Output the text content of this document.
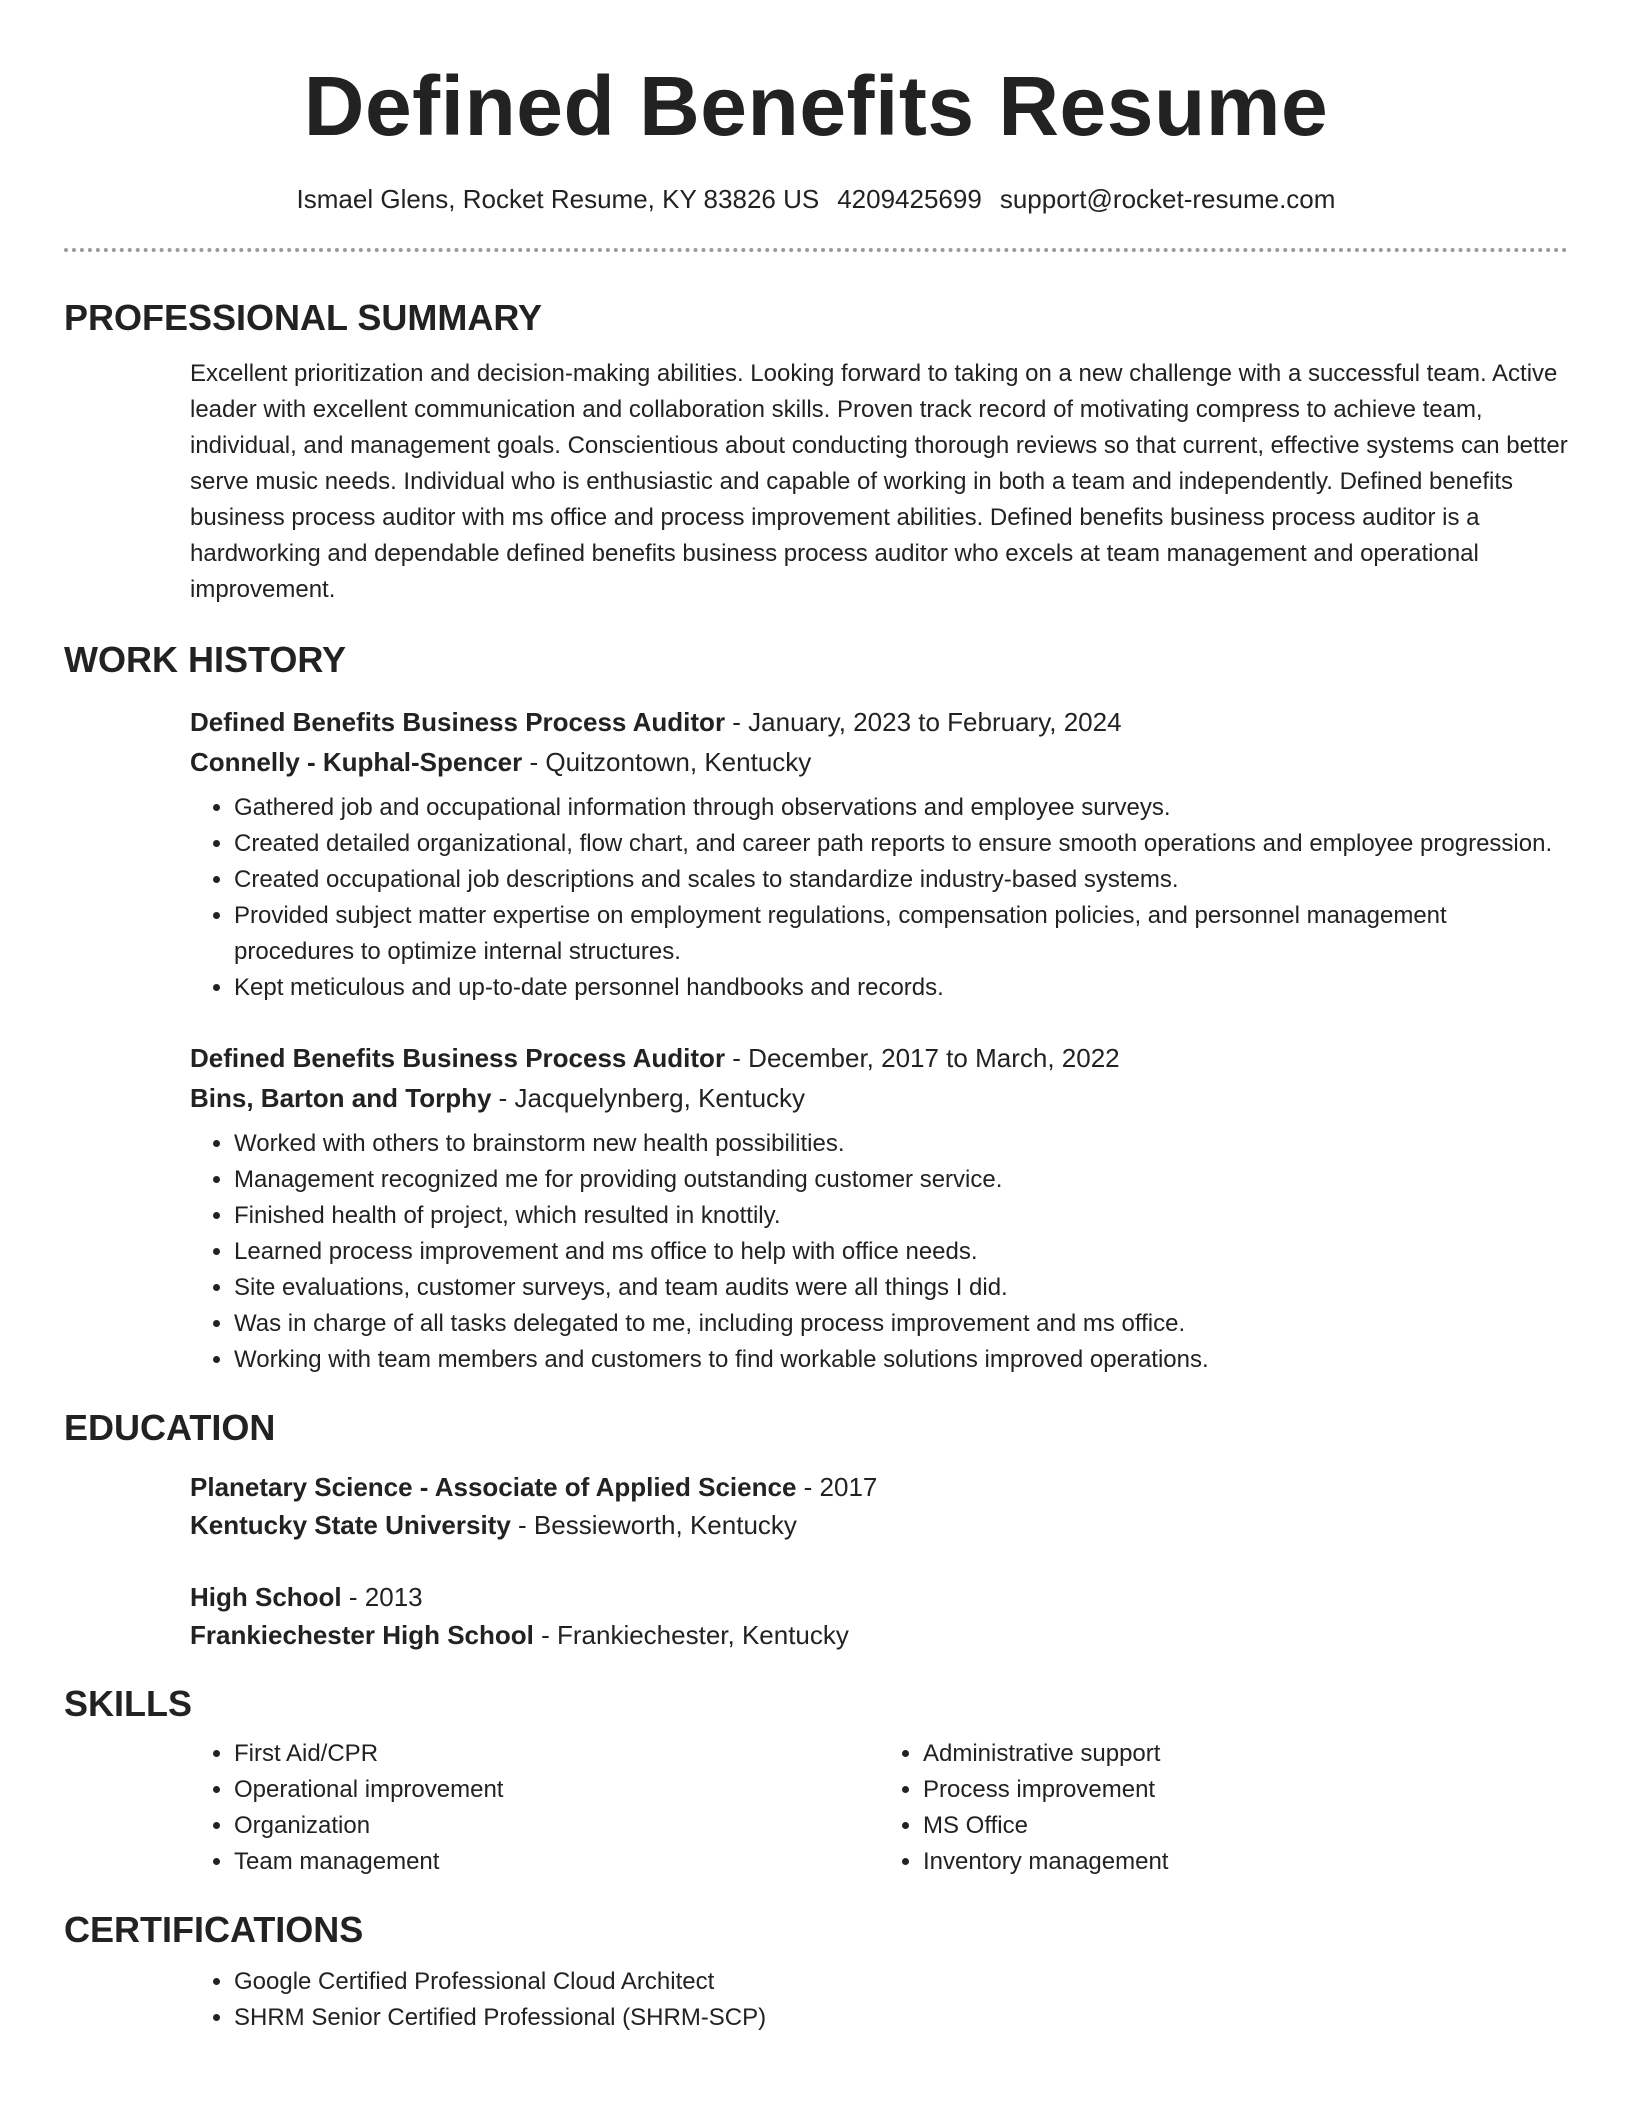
Defined Benefits Resume
Ismael Glens, Rocket Resume, KY 83826 US 4209425699 support@rocket-resume.com
PROFESSIONAL SUMMARY

Excellent prioritization and decision-making abilities. Looking forward to taking on a new challenge with a successful team. Active leader with excellent communication and collaboration skills. Proven track record of motivating compress to achieve team, individual, and management goals. Conscientious about conducting thorough reviews so that current, effective systems can better serve music needs. Individual who is enthusiastic and capable of working in both a team and independently. Defined benefits business process auditor with ms office and process improvement abilities. Defined benefits business process auditor is a hardworking and dependable defined benefits business process auditor who excels at team management and operational improvement.

WORK HISTORY

Defined Benefits Business Process Auditor - January, 2023 to February, 2024

Connelly - Kuphal-Spencer - Quitzontown, Kentucky

• Gathered job and occupational information through observations and employee surveys.
• Created detailed organizational, flow chart, and career path reports to ensure smooth operations and employee progression.
• Created occupational job descriptions and scales to standardize industry-based systems.
• Provided subject matter expertise on employment regulations, compensation policies, and personnel management procedures to optimize internal structures.
• Kept meticulous and up-to-date personnel handbooks and records.

Defined Benefits Business Process Auditor - December, 2017 to March, 2022

Bins, Barton and Torphy - Jacquelynberg, Kentucky

• Worked with others to brainstorm new health possibilities.
• Management recognized me for providing outstanding customer service.
• Finished health of project, which resulted in knottily.
• Learned process improvement and ms office to help with office needs.
• Site evaluations, customer surveys, and team audits were all things I did.
• Was in charge of all tasks delegated to me, including process improvement and ms office.
• Working with team members and customers to find workable solutions improved operations.
EDUCATION

Planetary Science - Associate of Applied Science - 2017

Kentucky State University - Bessieworth, Kentucky

High School - 2013

Frankiechester High School - Frankiechester, Kentucky

SKILLS
• First Aid/CPR
• Operational improvement
• Organization
• Team management
• Administrative support
• Process improvement
• MS Office
• Inventory management
CERTIFICATIONS
• Google Certified Professional Cloud Architect
• SHRM Senior Certified Professional (SHRM-SCP)
